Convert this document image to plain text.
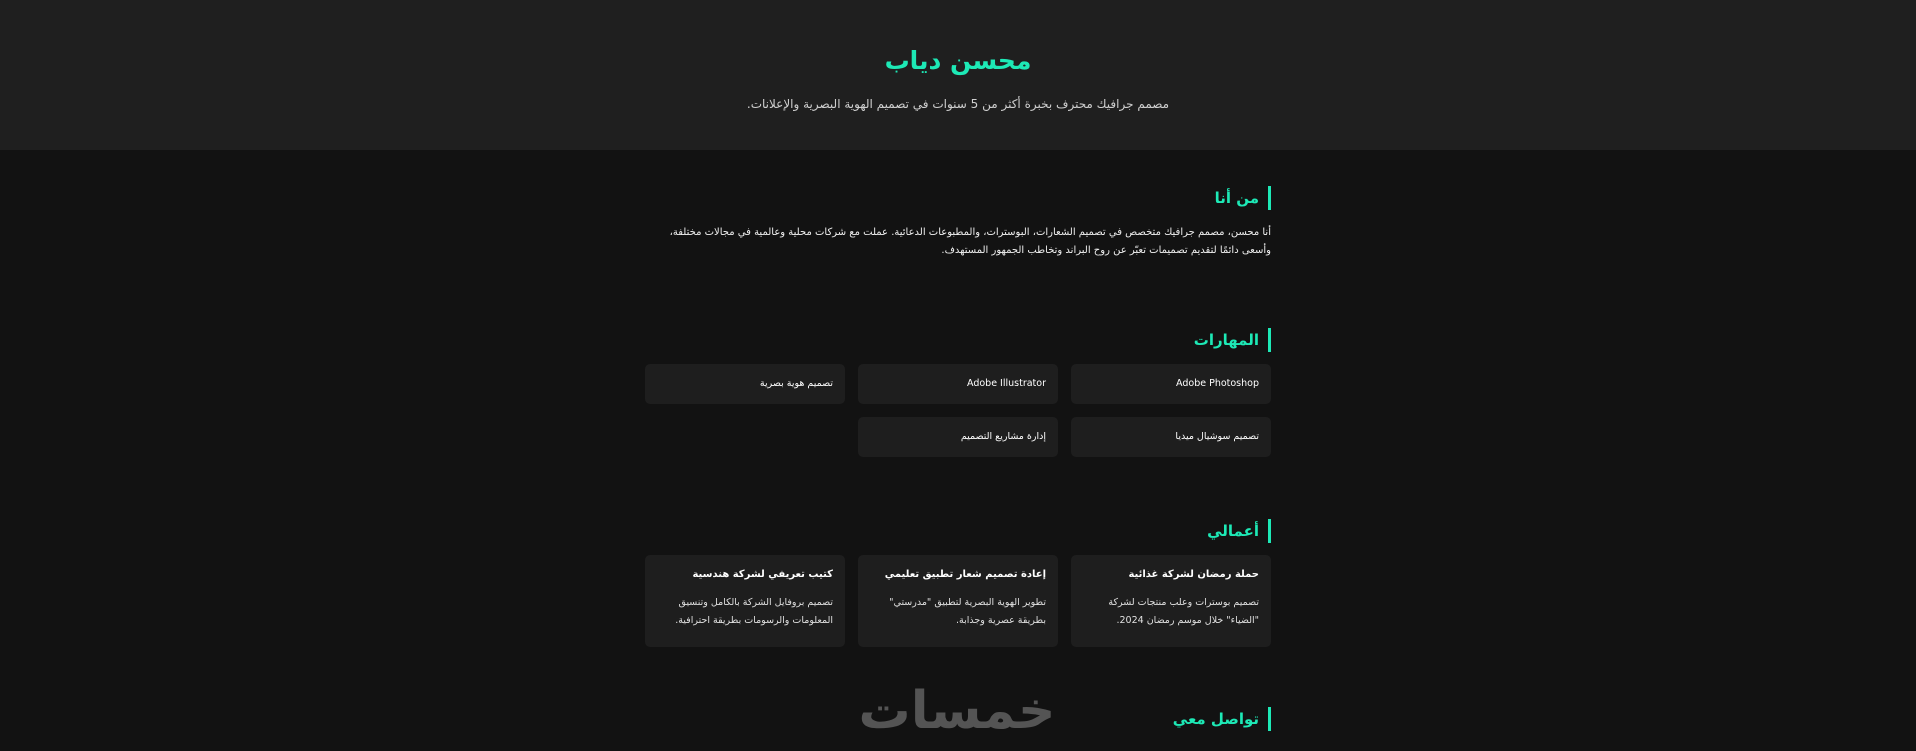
محسن دياب

مصمم جرافيك محترف بخبرة أكثر من 5 سنوات في تصميم الهوية البصرية والإعلانات.

من أنا

أنا محسن، مصمم جرافيك متخصص في تصميم الشعارات، البوسترات، والمطبوعات الدعائية. عملت مع شركات محلية وعالمية في مجالات مختلفة، وأسعى دائمًا لتقديم تصميمات تعبّر عن روح البراند وتخاطب الجمهور المستهدف.

المهارات
Adobe Photoshop
Adobe Illustrator
تصميم هوية بصرية
تصميم سوشيال ميديا
إدارة مشاريع التصميم
أعمالي
حملة رمضان لشركة غذائية

تصميم بوسترات وعلب منتجات لشركة "الضياء" خلال موسم رمضان 2024.

إعادة تصميم شعار تطبيق تعليمي

تطوير الهوية البصرية لتطبيق "مدرستي" بطريقة عصرية وجذابة.

كتيب تعريفي لشركة هندسية

تصميم بروفايل الشركة بالكامل وتنسيق المعلومات والرسومات بطريقة احترافية.

تواصل معي
خمسات
